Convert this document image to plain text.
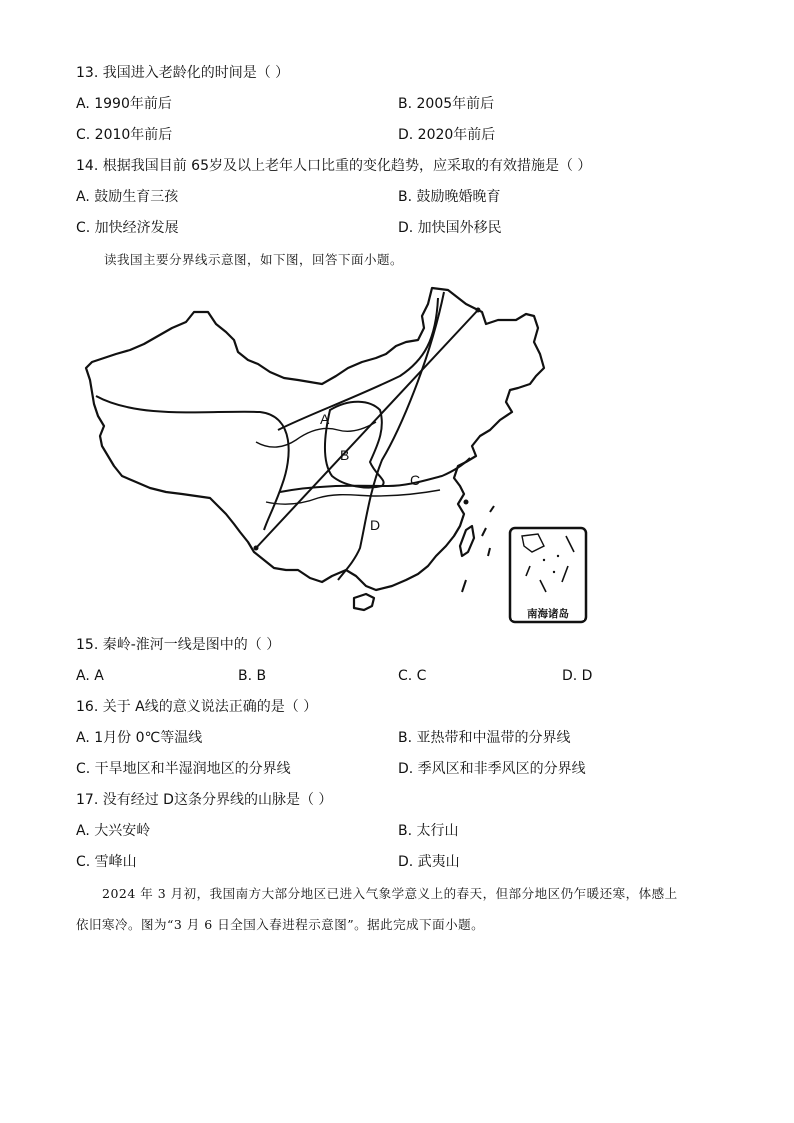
13. 我国进入老龄化的时间是（ ）
A. 1990年前后	B. 2005年前后
C. 2010年前后	D. 2020年前后
14. 根据我国目前 65岁及以上老年人口比重的变化趋势，应采取的有效措施是（ ）
A. 鼓励生育三孩	B. 鼓励晚婚晚育
C. 加快经济发展	D. 加快国外移民
读我国主要分界线示意图，如下图，回答下面小题。
A
B
C
D
南海诸岛
15. 秦岭-淮河一线是图中的（ ）
A. A	B. B	C. C	D. D
16. 关于 A线的意义说法正确的是（ ）
A. 1月份 0℃等温线	B. 亚热带和中温带的分界线
C. 干旱地区和半湿润地区的分界线	D. 季风区和非季风区的分界线
17. 没有经过 D这条分界线的山脉是（ ）
A. 大兴安岭	B. 太行山
C. 雪峰山	D. 武夷山
2024 年 3 月初，我国南方大部分地区已进入气象学意义上的春天，但部分地区仍乍暖还寒，体感上
依旧寒冷。图为“3 月 6 日全国入春进程示意图”。据此完成下面小题。
